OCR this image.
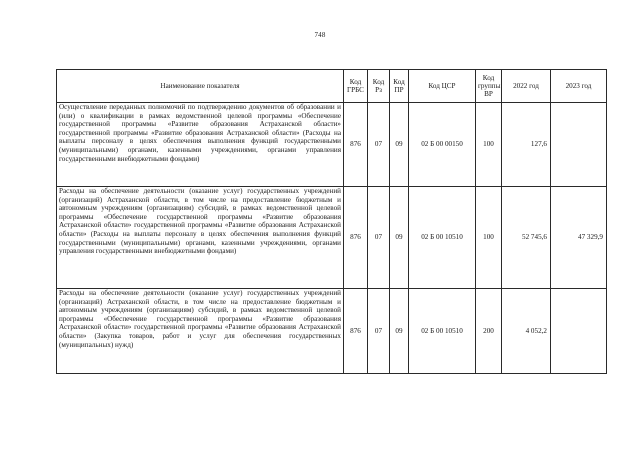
748
Наименование показателя	Код ГРБС	Код Рз	Код ПР	Код ЦСР	Код группы ВР	2022 год	2023 год

Осуществление переданных полномочий по подтверждению документов об образовании и (или) о квалификации в рамках ведомственной целевой программы «Обеспечение государственной программы «Развитие образования Астраханской области» государственной программы «Развитие образования Астраханской области» (Расходы на выплаты персоналу в целях обеспечения выполнения функций государственными (муниципальными) органами, казенными учреждениями, органами управления государственными внебюджетными фондами)	876	07	09	02 Б 00 00150	100	127,6	

Расходы на обеспечение деятельности (оказание услуг) государственных учреждений (организаций) Астраханской области, в том числе на предоставление бюджетным и автономным учреждениям (организациям) субсидий, в рамках ведомственной целевой программы «Обеспечение государственной программы «Развитие образования Астраханской области» государственной программы «Развитие образования Астраханской области» (Расходы на выплаты персоналу в целях обеспечения выполнения функций государственными (муниципальными) органами, казенными учреждениями, органами управления государственными внебюджетными фондами)	876	07	09	02 Б 00 10510	100	52 745,6	47 329,9

Расходы на обеспечение деятельности (оказание услуг) государственных учреждений (организаций) Астраханской области, в том числе на предоставление бюджетным и автономным учреждениям (организациям) субсидий, в рамках ведомственной целевой программы «Обеспечение государственной программы «Развитие образования Астраханской области» государственной программы «Развитие образования Астраханской области» (Закупка товаров, работ и услуг для обеспечения государственных (муниципальных) нужд)	876	07	09	02 Б 00 10510	200	4 052,2	
